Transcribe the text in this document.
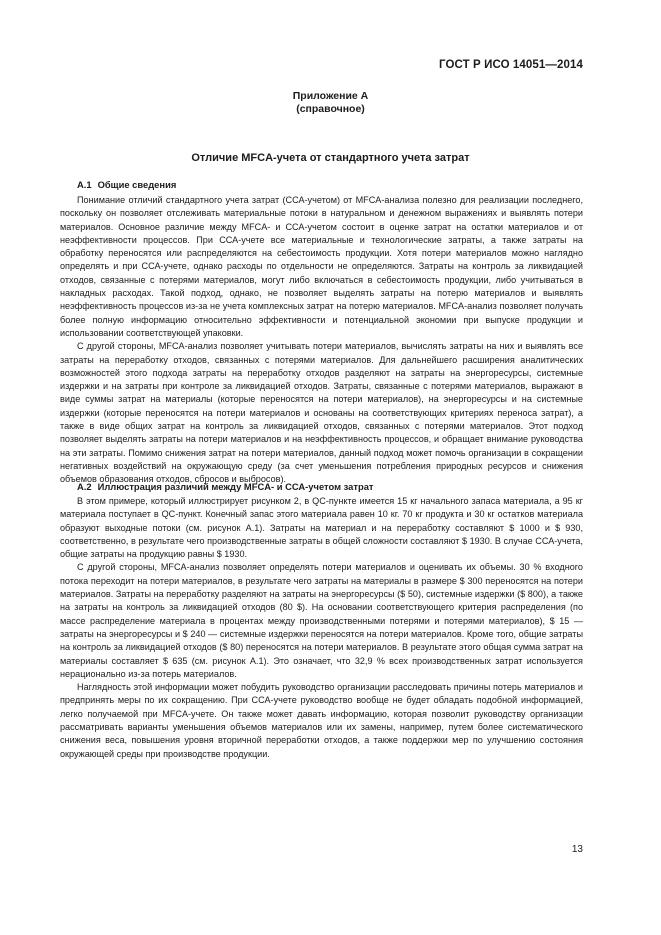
ГОСТ Р ИСО 14051—2014
Приложение А
(справочное)
Отличие MFCA-учета от стандартного учета затрат
А.1 Общие сведения

Понимание отличий стандартного учета затрат (ССА-учетом) от MFCA-анализа полезно для реализации последнего, поскольку он позволяет отслеживать материальные потоки в натуральном и денежном выражениях и выявлять потери материалов. Основное различие между MFCA- и ССА-учетом состоит в оценке затрат на остатки материалов и от неэффективности процессов. При ССА-учете все материальные и технологические затраты, а также затраты на обработку переносятся или распределяются на себестоимость продукции. Хотя потери материалов можно наглядно определять и при ССА-учете, однако расходы по отдельности не определяются. Затраты на контроль за ликвидацией отходов, связанные с потерями материалов, могут либо включаться в себестоимость продукции, либо учитываться в накладных расходах. Такой подход, однако, не позволяет выделять затраты на потерю материалов и выявлять неэффективность процессов из-за не учета комплексных затрат на потерю материалов. MFCA-анализ позволяет получать более полную информацию относительно эффективности и потенциальной экономии при выпуске продукции и использовании соответствующей упаковки.

С другой стороны, MFCA-анализ позволяет учитывать потери материалов, вычислять затраты на них и выявлять все затраты на переработку отходов, связанных с потерями материалов. Для дальнейшего расширения аналитических возможностей этого подхода затраты на переработку отходов разделяют на затраты на энергоресурсы, системные издержки и на затраты при контроле за ликвидацией отходов. Затраты, связанные с потерями материалов, выражают в виде суммы затрат на материалы (которые переносятся на потери материалов), на энергоресурсы и на системные издержки (которые переносятся на потери материалов и основаны на соответствующих критериях переноса затрат), а также в виде общих затрат на контроль за ликвидацией отходов, связанных с потерями материалов. Этот подход позволяет выделять затраты на потери материалов и на неэффективность процессов, и обращает внимание руководства на эти затраты. Помимо снижения затрат на потери материалов, данный подход может помочь организации в сокращении негативных воздействий на окружающую среду (за счет уменьшения потребления природных ресурсов и снижения объемов образования отходов, сбросов и выбросов).

А.2 Иллюстрация различий между MFCA- и ССА-учетом затрат

В этом примере, который иллюстрирует рисунком 2, в QC-пункте имеется 15 кг начального запаса материала, а 95 кг материала поступает в QC-пункт. Конечный запас этого материала равен 10 кг. 70 кг продукта и 30 кг остатков материала образуют выходные потоки (см. рисунок А.1). Затраты на материал и на переработку составляют $ 1000 и $ 930, соответственно, в результате чего производственные затраты в общей сложности составляют $ 1930. В случае ССА-учета, общие затраты на продукцию равны $ 1930.

С другой стороны, MFCA-анализ позволяет определять потери материалов и оценивать их объемы. 30 % входного потока переходит на потери материалов, в результате чего затраты на материалы в размере $ 300 переносятся на потери материалов. Затраты на переработку разделяют на затраты на энергоресурсы ($ 50), системные издержки ($ 800), а также на затраты на контроль за ликвидацией отходов (80 $). На основании соответствующего критерия распределения (по массе распределение материала в процентах между производственными потерями и потерями материалов), $ 15 — затраты на энергоресурсы и $ 240 — системные издержки переносятся на потери материалов. Кроме того, общие затраты на контроль за ликвидацией отходов ($ 80) переносятся на потери материалов. В результате этого общая сумма затрат на материалы составляет $ 635 (см. рисунок А.1). Это означает, что 32,9 % всех производственных затрат используется нерационально из-за потерь материалов.

Наглядность этой информации может побудить руководство организации расследовать причины потерь материалов и предпринять меры по их сокращению. При ССА-учете руководство вообще не будет обладать подобной информацией, легко получаемой при MFCA-учете. Он также может давать информацию, которая позволит руководству организации рассматривать варианты уменьшения объемов материалов или их замены, например, путем более систематического снижения веса, повышения уровня вторичной переработки отходов, а также поддержки мер по улучшению состояния окружающей среды при производстве продукции.

13
